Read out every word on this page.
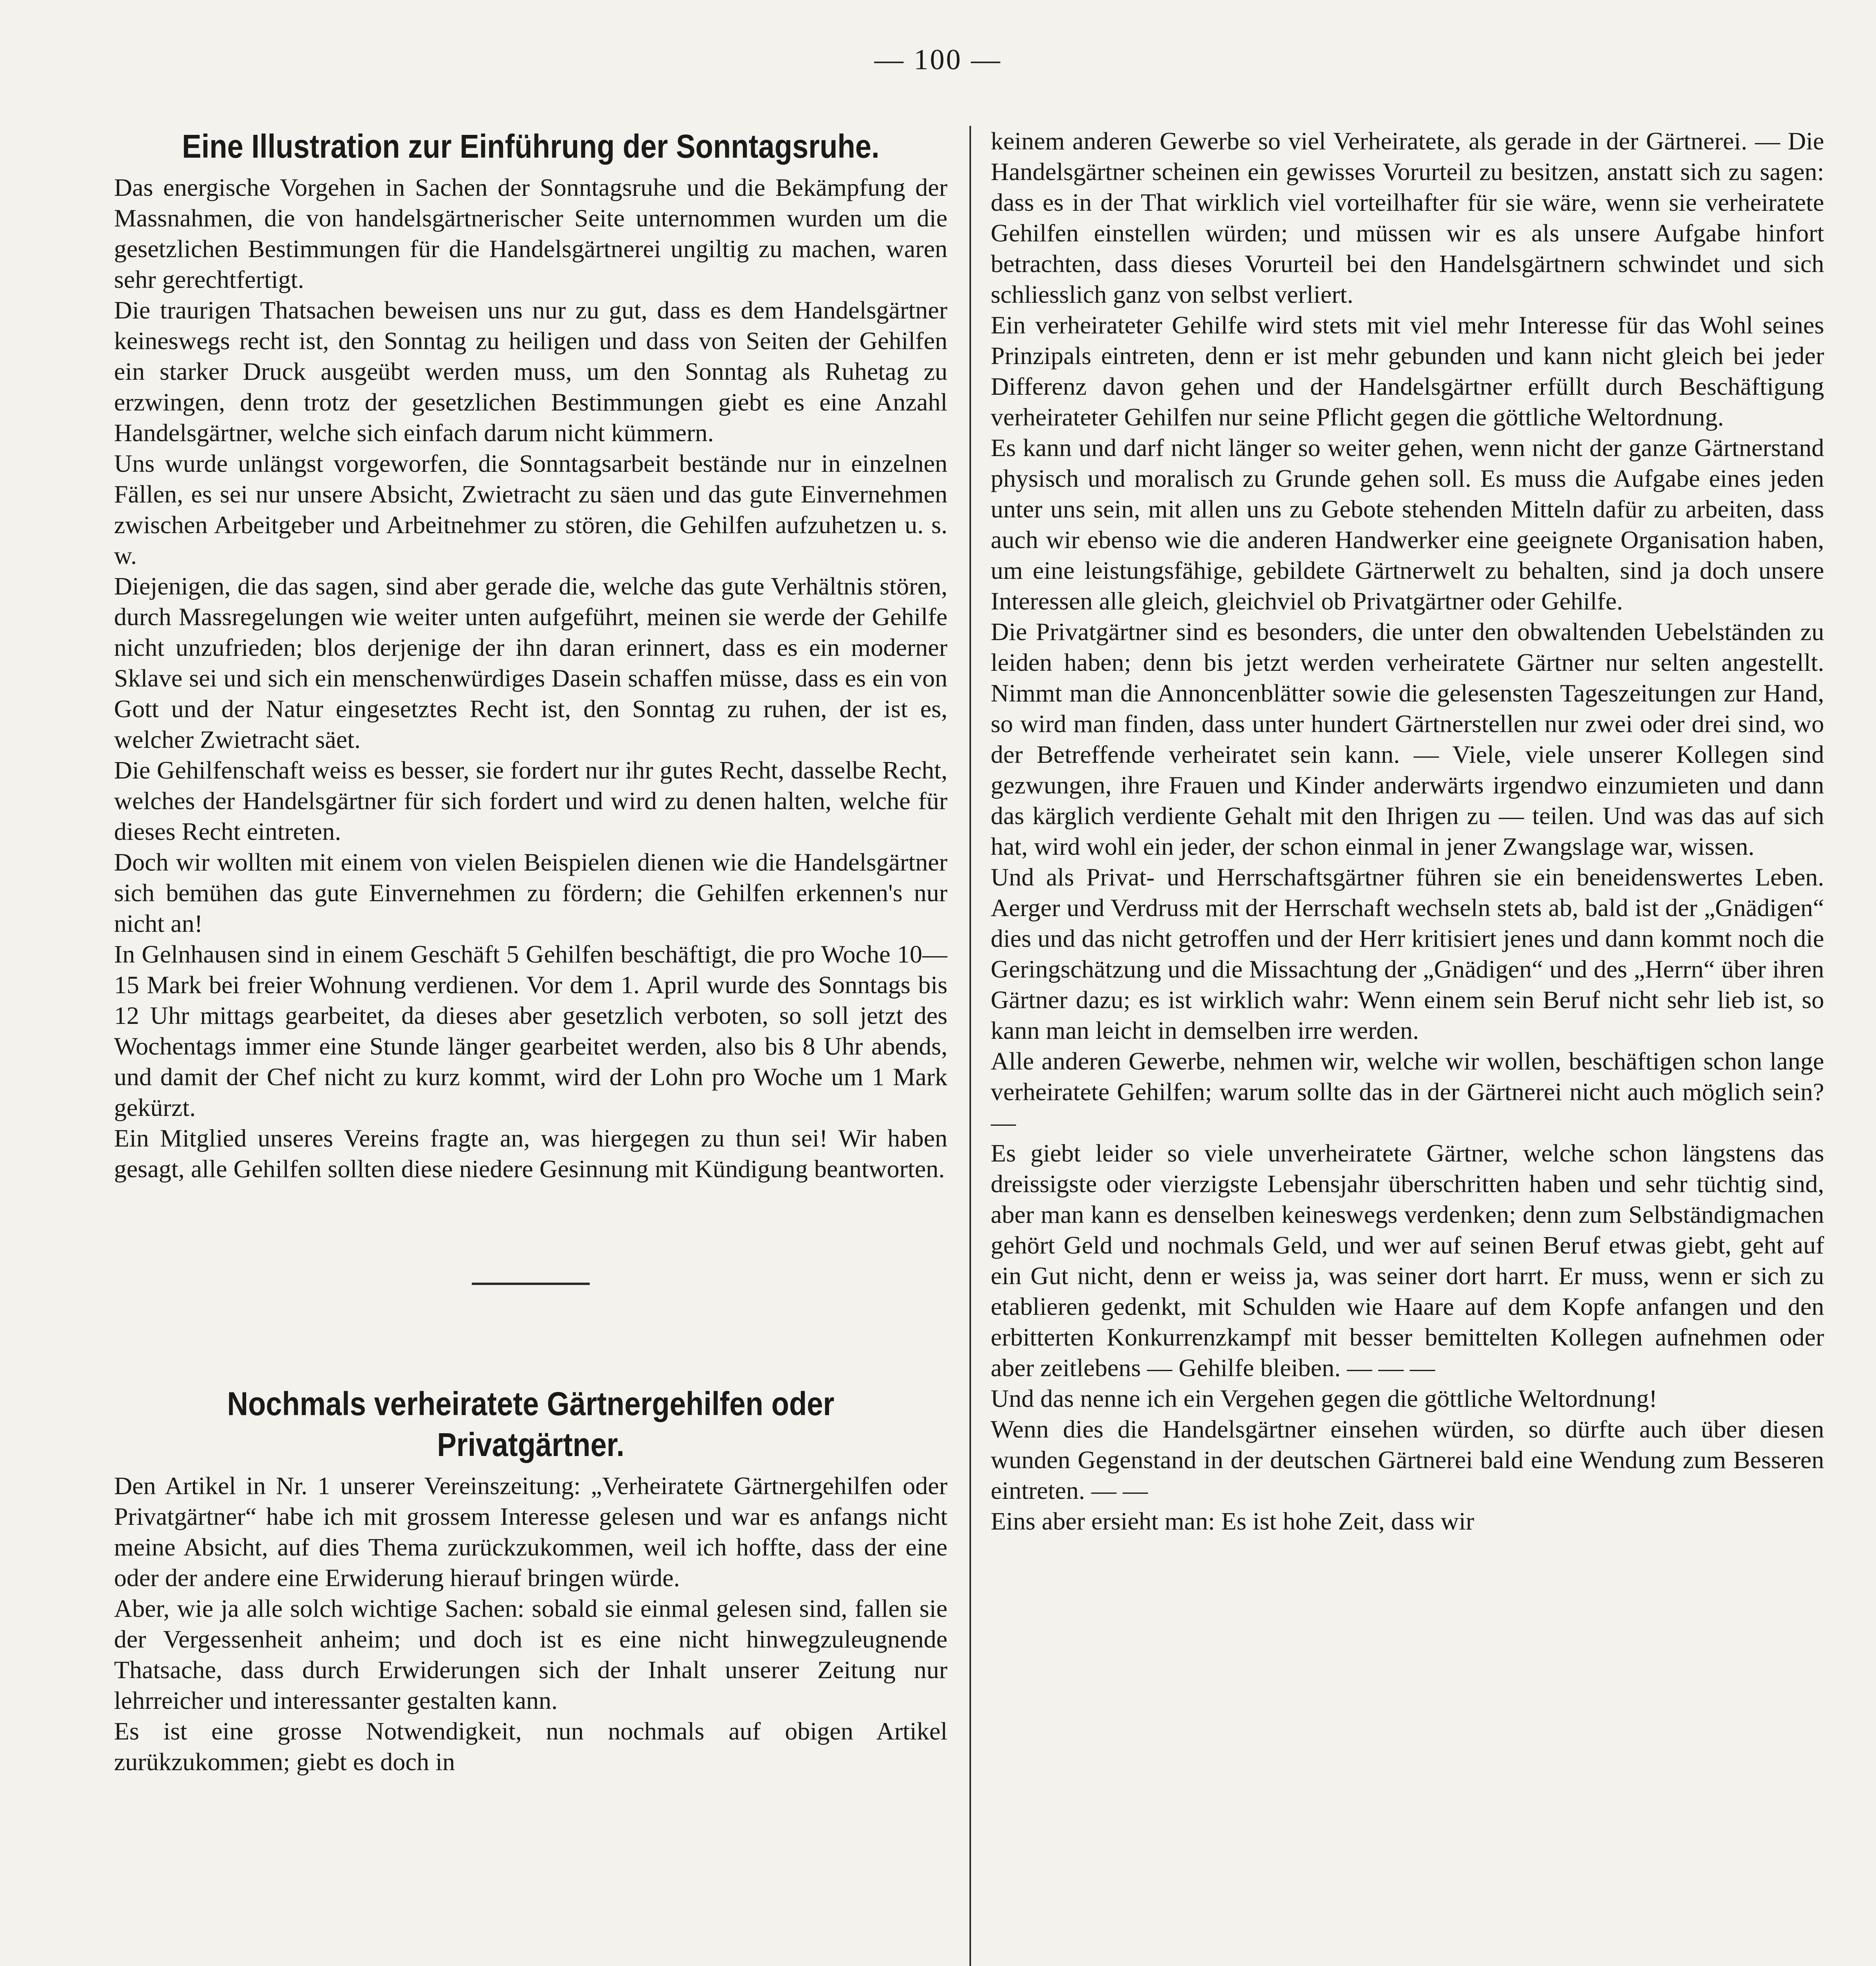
— 100 —
Eine Illustration zur Einführung der Sonntagsruhe.

Das energische Vorgehen in Sachen der Sonntagsruhe und die Bekämpfung der Massnahmen, die von handelsgärtnerischer Seite unternommen wurden um die gesetzlichen Bestimmungen für die Handelsgärtnerei ungiltig zu machen, waren sehr gerechtfertigt.

Die traurigen Thatsachen beweisen uns nur zu gut, dass es dem Handelsgärtner keineswegs recht ist, den Sonntag zu heiligen und dass von Seiten der Gehilfen ein starker Druck ausgeübt werden muss, um den Sonntag als Ruhetag zu erzwingen, denn trotz der gesetzlichen Bestimmungen giebt es eine Anzahl Handelsgärtner, welche sich einfach darum nicht kümmern.

Uns wurde unlängst vorgeworfen, die Sonntagsarbeit bestände nur in einzelnen Fällen, es sei nur unsere Absicht, Zwietracht zu säen und das gute Einvernehmen zwischen Arbeitgeber und Arbeitnehmer zu stören, die Gehilfen aufzuhetzen u. s. w.

Diejenigen, die das sagen, sind aber gerade die, welche das gute Verhältnis stören, durch Massregelungen wie weiter unten aufgeführt, meinen sie werde der Gehilfe nicht unzufrieden; blos derjenige der ihn daran erinnert, dass es ein moderner Sklave sei und sich ein menschenwürdiges Dasein schaffen müsse, dass es ein von Gott und der Natur eingesetztes Recht ist, den Sonntag zu ruhen, der ist es, welcher Zwietracht säet.

Die Gehilfenschaft weiss es besser, sie fordert nur ihr gutes Recht, dasselbe Recht, welches der Handelsgärtner für sich fordert und wird zu denen halten, welche für dieses Recht eintreten.

Doch wir wollten mit einem von vielen Beispielen dienen wie die Handelsgärtner sich bemühen das gute Einvernehmen zu fördern; die Gehilfen erkennen's nur nicht an!

In Gelnhausen sind in einem Geschäft 5 Gehilfen beschäftigt, die pro Woche 10—15 Mark bei freier Wohnung verdienen. Vor dem 1. April wurde des Sonntags bis 12 Uhr mittags gearbeitet, da dieses aber gesetzlich verboten, so soll jetzt des Wochentags immer eine Stunde länger gearbeitet werden, also bis 8 Uhr abends, und damit der Chef nicht zu kurz kommt, wird der Lohn pro Woche um 1 Mark gekürzt.

Ein Mitglied unseres Vereins fragte an, was hiergegen zu thun sei! Wir haben gesagt, alle Gehilfen sollten diese niedere Gesinnung mit Kündigung beantworten.

Nochmals verheiratete Gärtnergehilfen oder Privatgärtner.

Den Artikel in Nr. 1 unserer Vereinszeitung: „Verheiratete Gärtnergehilfen oder Privatgärtner“ habe ich mit grossem Interesse gelesen und war es anfangs nicht meine Absicht, auf dies Thema zurückzukommen, weil ich hoffte, dass der eine oder der andere eine Erwiderung hierauf bringen würde.

Aber, wie ja alle solch wichtige Sachen: sobald sie einmal gelesen sind, fallen sie der Vergessenheit anheim; und doch ist es eine nicht hinwegzuleugnende Thatsache, dass durch Erwiderungen sich der Inhalt unserer Zeitung nur lehrreicher und interessanter gestalten kann.

Es ist eine grosse Notwendigkeit, nun nochmals auf obigen Artikel zurükzukommen; giebt es doch in

keinem anderen Gewerbe so viel Verheiratete, als gerade in der Gärtnerei. — Die Handelsgärtner scheinen ein gewisses Vorurteil zu besitzen, anstatt sich zu sagen: dass es in der That wirklich viel vorteilhafter für sie wäre, wenn sie verheiratete Gehilfen einstellen würden; und müssen wir es als unsere Aufgabe hinfort betrachten, dass dieses Vorurteil bei den Handelsgärtnern schwindet und sich schliesslich ganz von selbst verliert.

Ein verheirateter Gehilfe wird stets mit viel mehr Interesse für das Wohl seines Prinzipals eintreten, denn er ist mehr gebunden und kann nicht gleich bei jeder Differenz davon gehen und der Handelsgärtner erfüllt durch Beschäftigung verheirateter Gehilfen nur seine Pflicht gegen die göttliche Weltordnung.

Es kann und darf nicht länger so weiter gehen, wenn nicht der ganze Gärtnerstand physisch und moralisch zu Grunde gehen soll. Es muss die Aufgabe eines jeden unter uns sein, mit allen uns zu Gebote stehenden Mitteln dafür zu arbeiten, dass auch wir ebenso wie die anderen Handwerker eine geeignete Organisation haben, um eine leistungsfähige, gebildete Gärtnerwelt zu behalten, sind ja doch unsere Interessen alle gleich, gleichviel ob Privatgärtner oder Gehilfe.

Die Privatgärtner sind es besonders, die unter den obwaltenden Uebelständen zu leiden haben; denn bis jetzt werden verheiratete Gärtner nur selten angestellt. Nimmt man die Annoncenblätter sowie die gelesensten Tageszeitungen zur Hand, so wird man finden, dass unter hundert Gärtnerstellen nur zwei oder drei sind, wo der Betreffende verheiratet sein kann. — Viele, viele unserer Kollegen sind gezwungen, ihre Frauen und Kinder anderwärts irgendwo einzumieten und dann das kärglich verdiente Gehalt mit den Ihrigen zu — teilen. Und was das auf sich hat, wird wohl ein jeder, der schon einmal in jener Zwangslage war, wissen.

Und als Privat- und Herrschaftsgärtner führen sie ein beneidenswertes Leben. Aerger und Verdruss mit der Herrschaft wechseln stets ab, bald ist der „Gnädigen“ dies und das nicht getroffen und der Herr kritisiert jenes und dann kommt noch die Geringschätzung und die Missachtung der „Gnädigen“ und des „Herrn“ über ihren Gärtner dazu; es ist wirklich wahr: Wenn einem sein Beruf nicht sehr lieb ist, so kann man leicht in demselben irre werden.

Alle anderen Gewerbe, nehmen wir, welche wir wollen, beschäftigen schon lange verheiratete Gehilfen; warum sollte das in der Gärtnerei nicht auch möglich sein? —

Es giebt leider so viele unverheiratete Gärtner, welche schon längstens das dreissigste oder vierzigste Lebensjahr überschritten haben und sehr tüchtig sind, aber man kann es denselben keineswegs verdenken; denn zum Selbständigmachen gehört Geld und nochmals Geld, und wer auf seinen Beruf etwas giebt, geht auf ein Gut nicht, denn er weiss ja, was seiner dort harrt. Er muss, wenn er sich zu etablieren gedenkt, mit Schulden wie Haare auf dem Kopfe anfangen und den erbitterten Konkurrenzkampf mit besser bemittelten Kollegen aufnehmen oder aber zeitlebens — Gehilfe bleiben. — — —

Und das nenne ich ein Vergehen gegen die göttliche Weltordnung!

Wenn dies die Handelsgärtner einsehen würden, so dürfte auch über diesen wunden Gegenstand in der deutschen Gärtnerei bald eine Wendung zum Besseren eintreten. — —

Eins aber ersieht man: Es ist hohe Zeit, dass wir
